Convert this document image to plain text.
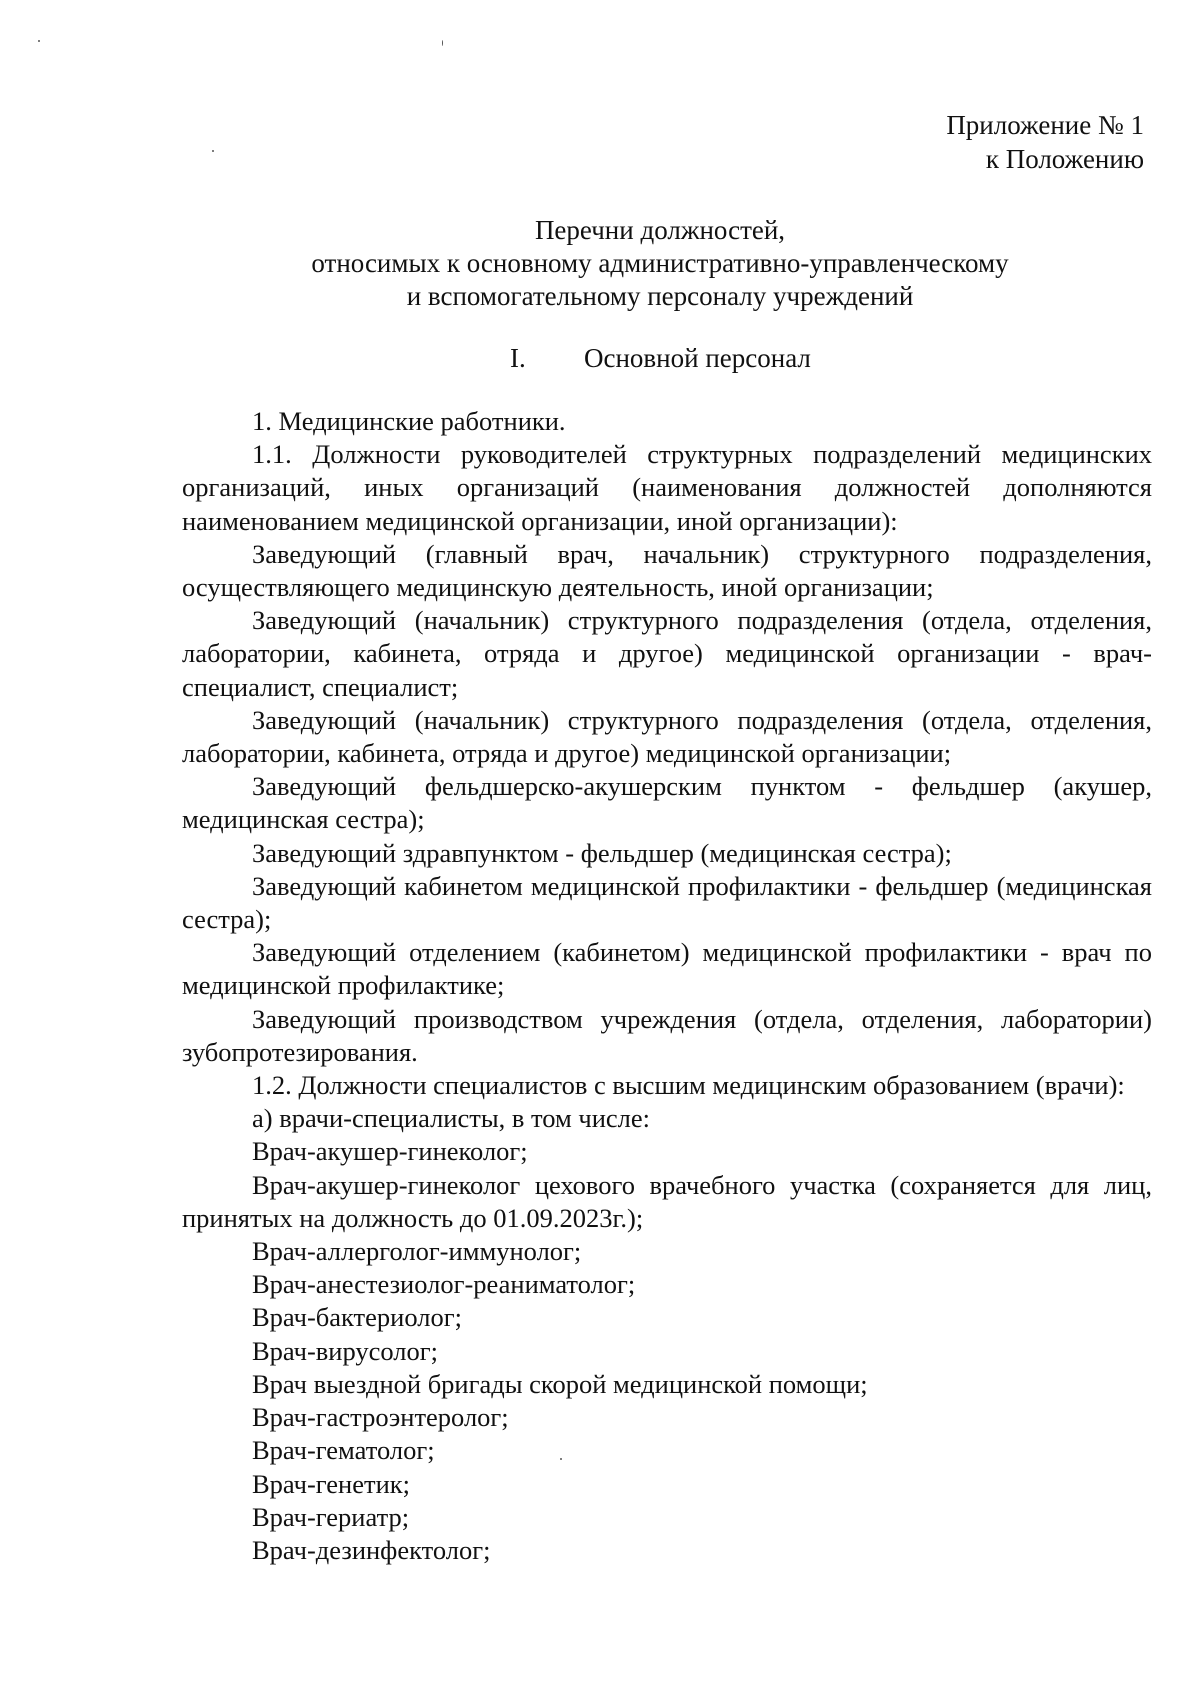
Приложение № 1
к Положению
Перечни должностей,
относимых к основному административно-управленческому
и вспомогательному персоналу учреждений
I. Основной персонал

1. Медицинские работники.

1.1. Должности руководителей структурных подразделений медицинских организаций, иных организаций (наименования должностей дополняются наименованием медицинской организации, иной организации):

Заведующий (главный врач, начальник) структурного подразделения, осуществляющего медицинскую деятельность, иной организации;

Заведующий (начальник) структурного подразделения (отдела, отделения, лаборатории, кабинета, отряда и другое) медицинской организации - врач-специалист, специалист;

Заведующий (начальник) структурного подразделения (отдела, отделения, лаборатории, кабинета, отряда и другое) медицинской организации;

Заведующий фельдшерско-акушерским пунктом - фельдшер (акушер, медицинская сестра);

Заведующий здравпунктом - фельдшер (медицинская сестра);

Заведующий кабинетом медицинской профилактики - фельдшер (медицинская сестра);

Заведующий отделением (кабинетом) медицинской профилактики - врач по медицинской профилактике;

Заведующий производством учреждения (отдела, отделения, лаборатории) зубопротезирования.

1.2. Должности специалистов с высшим медицинским образованием (врачи):

а) врачи-специалисты, в том числе:

Врач-акушер-гинеколог;

Врач-акушер-гинеколог цехового врачебного участка (сохраняется для лиц, принятых на должность до 01.09.2023г.);

Врач-аллерголог-иммунолог;

Врач-анестезиолог-реаниматолог;

Врач-бактериолог;

Врач-вирусолог;

Врач выездной бригады скорой медицинской помощи;

Врач-гастроэнтеролог;

Врач-гематолог;

Врач-генетик;

Врач-гериатр;

Врач-дезинфектолог;
